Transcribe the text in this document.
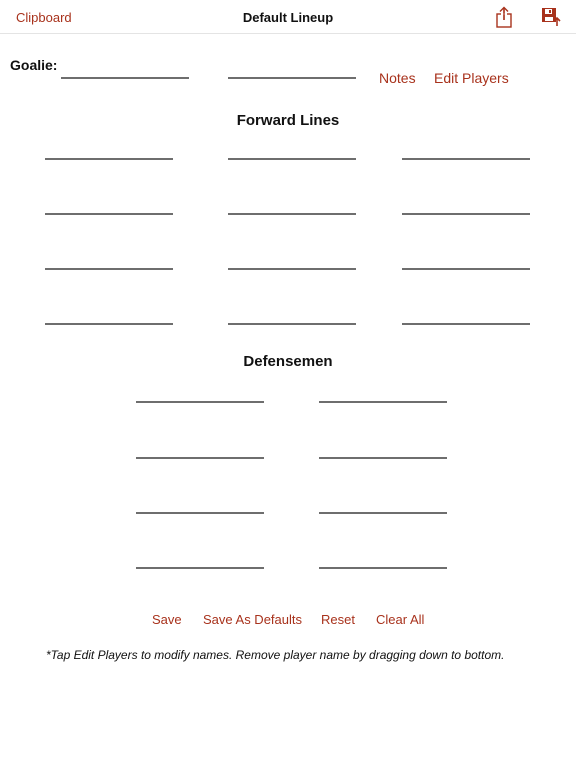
Clipboard	Default Lineup
Goalie:
Notes Edit Players
Forward Lines
Defensemen
Save Save As Defaults Reset Clear All
*Tap Edit Players to modify names. Remove player name by dragging down to bottom.
